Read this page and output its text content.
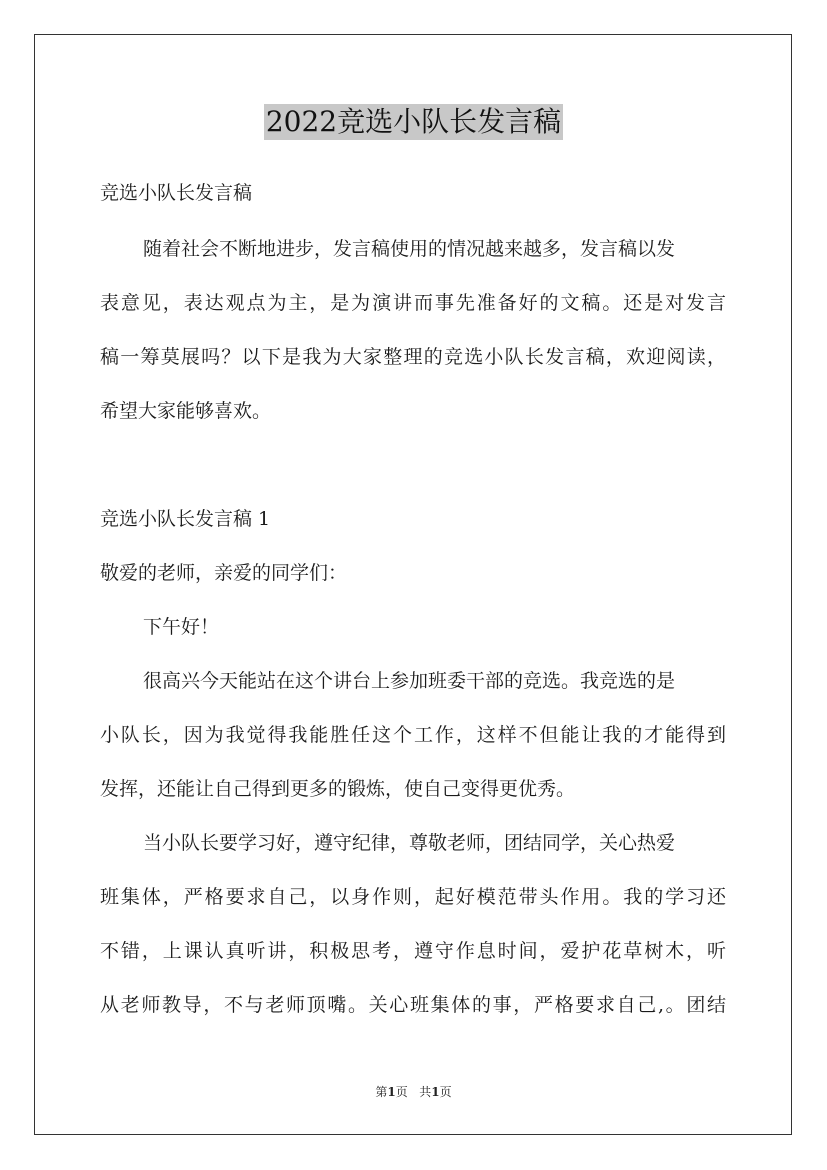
2022竞选小队长发言稿
竞选小队长发言稿
随着社会不断地进步，发言稿使用的情况越来越多，发言稿以发
表意见，表达观点为主，是为演讲而事先准备好的文稿。还是对发言
稿一筹莫展吗？以下是我为大家整理的竞选小队长发言稿，欢迎阅读，
希望大家能够喜欢。
竞选小队长发言稿 1
敬爱的老师，亲爱的同学们：
下午好！
很高兴今天能站在这个讲台上参加班委干部的竞选。我竞选的是
小队长，因为我觉得我能胜任这个工作，这样不但能让我的才能得到
发挥，还能让自己得到更多的锻炼，使自己变得更优秀。
当小队长要学习好，遵守纪律，尊敬老师，团结同学，关心热爱
班集体，严格要求自己，以身作则，起好模范带头作用。我的学习还
不错，上课认真听讲，积极思考，遵守作息时间，爱护花草树木，听
从老师教导，不与老师顶嘴。关心班集体的事，严格要求自己,。团结
第1页 共1页
